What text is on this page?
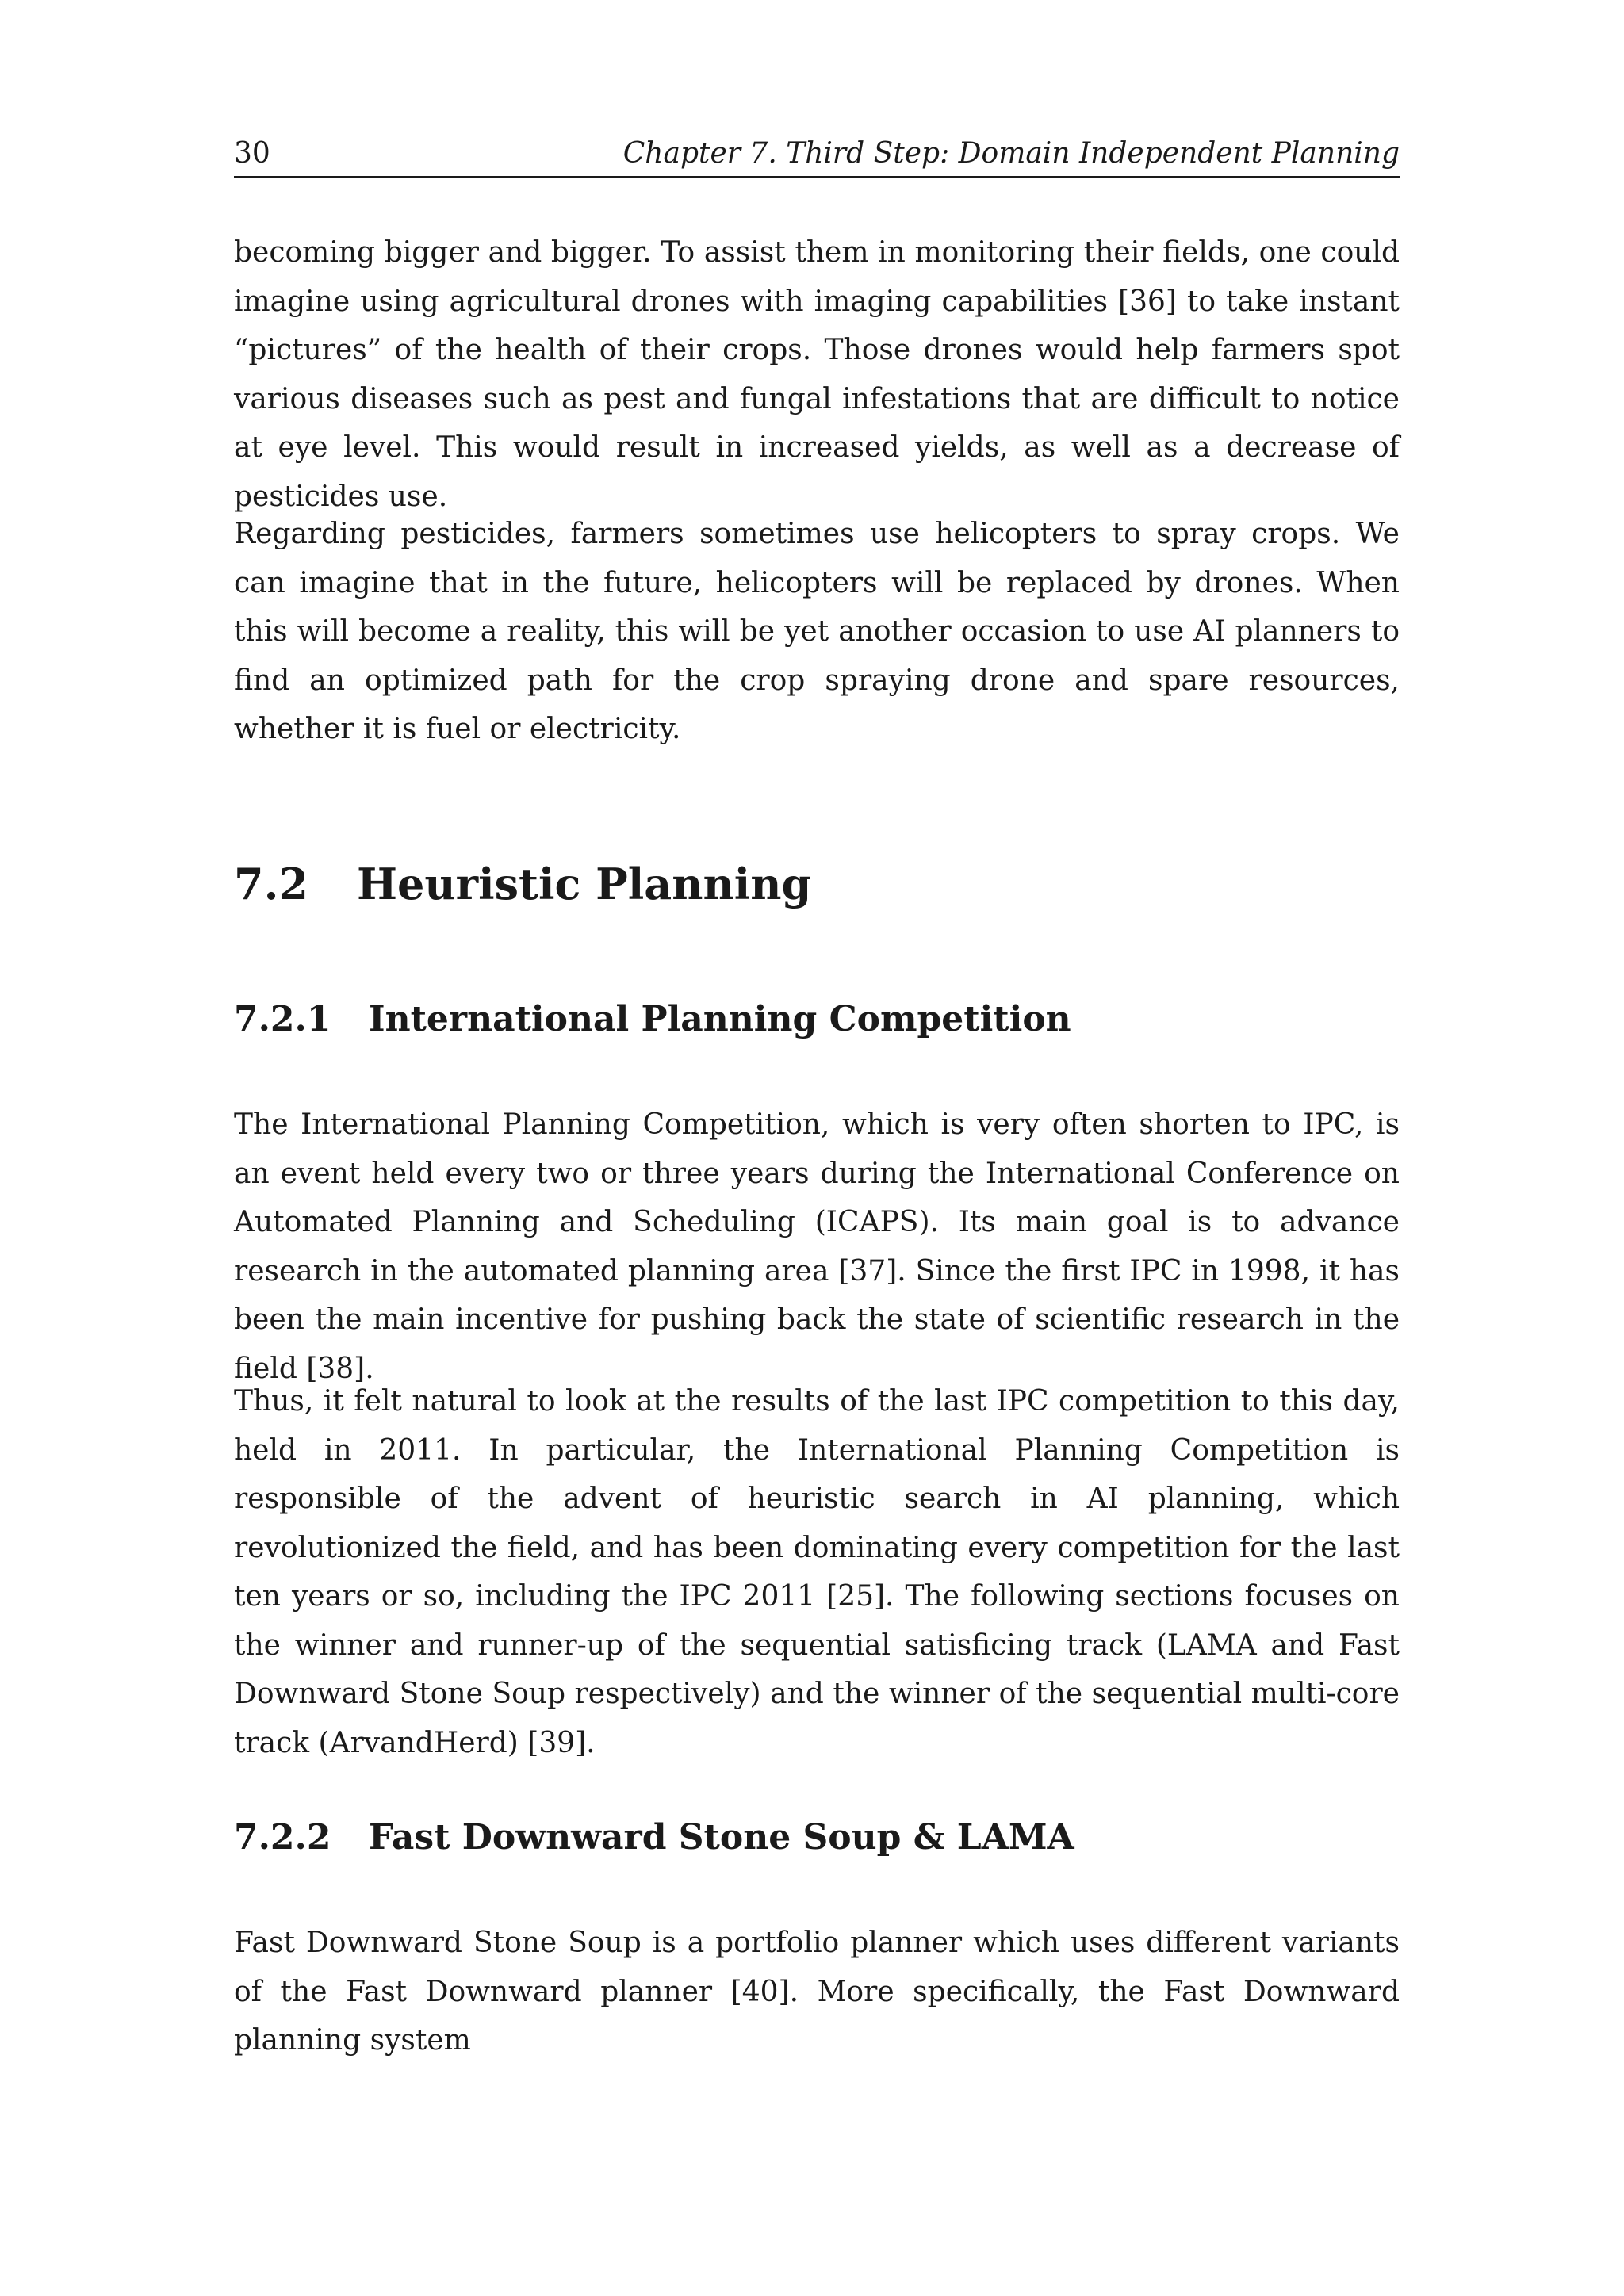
30	Chapter 7. Third Step: Domain Independent Planning

becoming bigger and bigger. To assist them in monitoring their fields, one could imagine using agricultural drones with imaging capabilities [36] to take instant “pictures” of the health of their crops. Those drones would help farmers spot various diseases such as pest and fungal infestations that are difficult to notice at eye level. This would result in increased yields, as well as a decrease of pesticides use.

Regarding pesticides, farmers sometimes use helicopters to spray crops. We can imagine that in the future, helicopters will be replaced by drones. When this will become a reality, this will be yet another occasion to use AI planners to find an optimized path for the crop spraying drone and spare resources, whether it is fuel or electricity.

7.2 Heuristic Planning
7.2.1 International Planning Competition

The International Planning Competition, which is very often shorten to IPC, is an event held every two or three years during the International Conference on Automated Planning and Scheduling (ICAPS). Its main goal is to advance research in the automated planning area [37]. Since the first IPC in 1998, it has been the main incentive for pushing back the state of scientific research in the field [38].

Thus, it felt natural to look at the results of the last IPC competition to this day, held in 2011. In particular, the International Planning Competition is responsible of the advent of heuristic search in AI planning, which revolutionized the field, and has been dominating every competition for the last ten years or so, including the IPC 2011 [25]. The following sections focuses on the winner and runner-up of the sequential satisficing track (LAMA and Fast Downward Stone Soup respectively) and the winner of the sequential multi-core track (ArvandHerd) [39].

7.2.2 Fast Downward Stone Soup & LAMA

Fast Downward Stone Soup is a portfolio planner which uses different variants of the Fast Downward planner [40]. More specifically, the Fast Downward planning system
